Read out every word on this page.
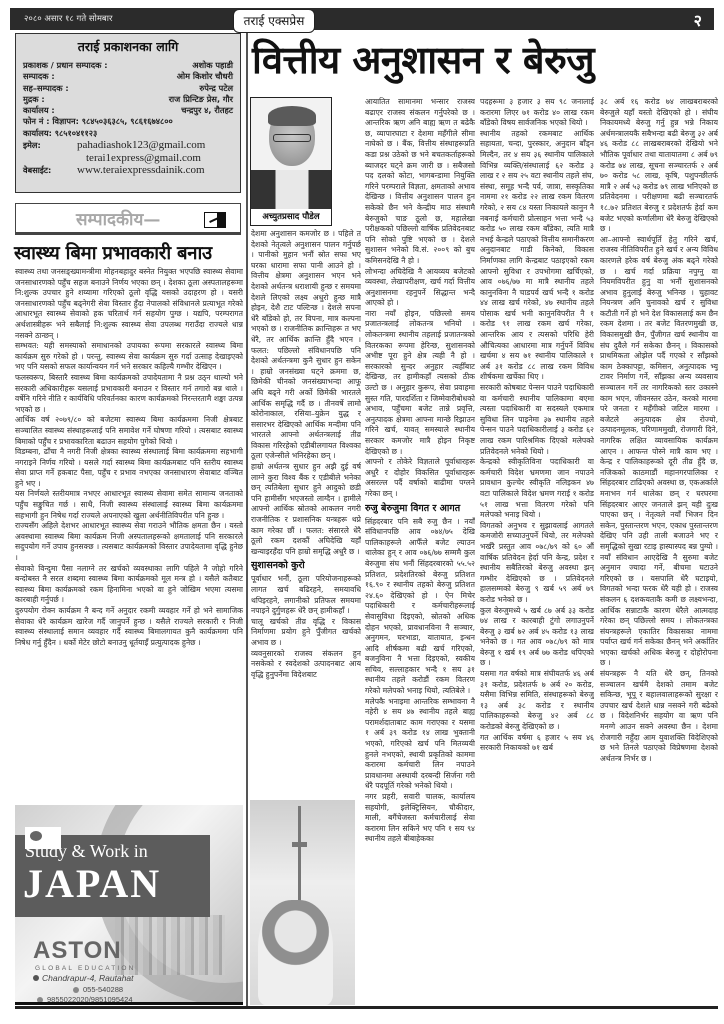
२०८० असार १८ गते सोमबार	तराई एक्सप्रेस	२
तराई प्रकाशनका लागि
प्रकाशक / प्रधान सम्पादक :	अशोक पहाडी
सम्पादक :	ओम किशोर चौधरी
सह–सम्पादक :	रुपेन्द्र पटेल
मुद्रक :	राज प्रिन्टिङ प्रेस, गौर
कार्यालय :	चन्द्रपुर ४, रौतहट
फोन नं : विज्ञापन: ९८४५०३६३८५, ९८६१६७४८००
कार्यालय: ९८५१०४११२३
इमेल:	pahadiashok123@gmail.com
terai1express@gmail.com
वेबसाईट:	www.teraiexpressdainik.com
सम्पादकीय—
स्वास्थ्य बिमा प्रभावकारी बनाउ

स्वास्थ्य तथा जनसङ्ख्यामन्त्रीमा मोहनबहादुर बस्नेत नियुक्त भएपछि स्वास्थ्य सेवामा जनसाधारणको पहुँच सहज बनाउने निर्णय भएका छन् । देशका ठूला अस्पतालहरूमा नि:शुल्क उपचार हुने शय्यामा गरिएको ठूलो वृद्धि यसको उदाहरण हो । यसरी जनसाधारणको पहुँच बढ्नेगरी सेवा विस्तार हुँदा नेपालको संविधानले प्रत्याभूत गरेको आधारभूत स्वास्थ्य सेवाको हक चरितार्थ गर्न सहयोग पुग्छ । यद्यपि, परम्परागत अर्थशास्त्रीहरू भने सबैलाई नि:शुल्क स्वास्थ्य सेवा उपलब्ध गराउँदा राज्यले धान्न नसक्ने ठान्छन् ।

सम्भवत: यही समस्याको समाधानको उपायका रूपमा सरकारले स्वास्थ्य बिमा कार्यक्रम सुरु गरेको हो । परन्तु, स्वास्थ्य सेवा कार्यक्रम सुरु गर्दा उत्साह देखाइएको भए पनि यसको सफल कार्यान्वयन गर्न भने सरकार कहिल्यै गम्भीर देखिएन ।

फलस्वरूप, बिस्तारै स्वास्थ्य बिमा कार्यक्रमको उपादेयतामा नै प्रश्न उठ्न थाल्यो भने सरकारी अधिकारीहरू यसलाई प्रभावकारी बनाउन र विस्तार गर्न तगारो बन्न थाले । वर्षेनि गरिने नीति र कार्यविधि परिवर्तनका कारण कार्यक्रमको निरन्तरतामै शङ्का उत्पन्न भएको छ ।

आर्थिक वर्ष २०७९/८० को बजेटमा स्वास्थ्य बिमा कार्यक्रममा निजी क्षेत्रबाट सञ्चालित स्वास्थ्य संस्थाहरूलाई पनि समावेश गर्ने घोषणा गरियो । त्यसबाट स्वास्थ्य बिमाको पहुँच र प्रभावकारिता बढाउन सहयोग पुगेको थियो ।

विडम्बना, ढाँचा नै नगरी निजी क्षेत्रका स्वास्थ्य संस्थालाई बिमा कार्यक्रममा सहभागी नगराइने निर्णय गरियो । यसले गर्दा स्वास्थ्य बिमा कार्यक्रमबाट पनि स्तरीय स्वास्थ्य सेवा प्राप्त गर्ने हकबाट पैसा, पहुँच र प्रभाव नभएका जनसाधारण सेवाबाट वञ्चित हुने भए ।

यस निर्णयले स्तरीयमात्र नभएर आधारभूत स्वास्थ्य सेवामा समेत सामान्य जनताको पहुँच सङ्कुचित गर्छ । साथै, निजी स्वास्थ्य संस्थालाई स्वास्थ्य बिमा कार्यक्रममा सहभागी हुन निषेध गर्दा राज्यले अपनाएको खुला अर्थनीतिविपरीत पनि हुन्छ ।

राज्यसँग अहिले देशभर आधारभूत स्वास्थ्य सेवा गराउने भौतिक क्षमता छैन । यस्तो अवस्थामा स्वास्थ्य बिमा कार्यक्रम निजी अस्पतालहरूको क्षमतालाई पनि सरकारले सदुपयोग गर्ने उपाय हुनसक्छ । त्यसबाट कार्यक्रमको विस्तार उपादेयतामा वृद्धि हुनेछ ।

सेवाको विन्दुमा पैसा नलाग्ने तर खर्चको व्यवस्थाका लागि पहिले नै जोहो गरिने बन्दोबस्त नै सरल शब्दमा स्वास्थ्य बिमा कार्यक्रमको मूल मन्त्र हो । यसैले कतैबाट स्वास्थ्य बिमा कार्यक्रमको रकम हिनामिना भएको वा हुने जोखिम भएमा त्यसमा कारबाही गर्नुपर्छ ।

दुरुपयोग रोक्न कार्यक्रम नै बन्द गर्ने अनुदार रकमी व्यवहार गर्ने हो भने सामाजिक सेवाका धेरै कार्यक्रम खारेज गर्दै जानुपर्ने हुन्छ । यसैले राज्यले सरकारी र निजी स्वास्थ्य संस्थालाई समान व्यवहार गर्दै स्वास्थ्य बिमालगायत कुनै कार्यक्रममा पनि निषेध गर्नु हुँदैन । धर्को मेटेर छोटो बनाउनु धूर्तयाइँ प्रत्युत्पादक हुनेछ ।

Study & Work in
JAPAN
ASTON
GLOBAL EDUCATION
Chandrapur-4, Rautahat
055-540288
9855022020/9851095424
वित्तीय अनुशासन र बेरुजु
अच्युतप्रसाद पौडेल

देशमा अनुशासन कमजोर छ । पहिले त देशको नेतृत्वले अनुशासन पालन गर्नुपर्छ । पानीको मुहान भनौं स्रोत सफा भए घरका धारामा सफा पानी आउने हो । वित्तीय क्षेत्रमा अनुशासन भएन भने देशको अर्थतन्त्र धराशायी हुन्छ र समयमा देशले लिएको लक्ष्य अधुरो हुन्छ मात्रै होइन, देशै टाट पल्टिन्छ । देशले सपना धेरै बाँडेको हो, तर विपना, मात्र कल्पना भएको छ । राजनीतिक क्रान्तिहरू त भए धेरै, तर आर्थिक क्रान्ति हुँदै भएन । फलत: पछिल्लो संविधानपछि पनि देशको अर्थतन्त्रमा कुनै सुधार हुन सकेन । हाम्रो जनसंख्या घट्ने क्रममा छ, छिमेकी चीनको जनसंख्याभन्दा आफू अघि बढ्ने गरी अर्को छिमेकी भारतले आर्थिक समृद्धि गर्दै छ । तीनवर्षे लामो कोरोनाकाल, रसिया–युक्रेन युद्ध र ससारभर देखिएको आर्थिक मन्दीमा पनि भारतले आफ्नो अर्थतन्त्रलाई तीव्र विकास गरिरहेको एडीबीलगायत विश्वका ठूला एजेन्सीले भनिरहेका छन् ।

हाम्रो अर्थतन्त्र सुधार हुन अझै दुई वर्ष लाग्ने कुरा विश्व बैंक र एडीबीले भनेका छन् त्यतिबेला सुधार हुने आदुको छडी पनि हामीसँग भएजस्तो लाग्दैन । हामीले आफ्नो आर्थिक स्रोतको आकलन नगरी राजनीतिक र प्रशासनिक यन्त्रहरू थप्ने काम गरेका छौं । फलत: संसारले धेरै ठूलो रकम दशकौं अघिदेखि यहाँ खन्याइरहँदा पनि हाम्रो समृद्धि अधुरै छ ।

सुशासनको कुरो

पूर्वाधार भनौं, ठूला परियोजनाहरूको लागत खर्च बढिरहने, समयावधि थपिइरहने, लगानीको प्रतिफल समयमा नपाइने दुर्गुणहरू धेरै छन् हामीकहाँ ।

चालू खर्चको तीव्र वृद्धि र विकास निर्माणमा प्रयोग हुने पुँजीगत खर्चको अभाव छ ।

व्यवनुसारको राजस्व संकलन हुन नसकेको र स्वदेशको उत्पादनबाट आय वृद्धि हुनुपर्नेमा विदेशबाट

आयातित सामानमा भन्सार राजस्व बढाएर राजस्व संकलन गर्नुपरेको छ । आन्तरिक ऋण अनि बाह्य ऋण त बढेकै छ, व्यापारघाटा र देशमा महँगीले सीमा नाघेको छ । बैंक, वित्तीय संस्थाहरूप्रति कडा प्रश्न उठेको छ भने बचतकर्ताहरूको ब्याजदर घट्ने क्रम जारी छ । सबैजसो पद दलको कोटा, भागबन्डामा नियुक्ति गरिने परम्पराले विज्ञता, क्षमताको अभाव देखिन्छ । वित्तीय अनुशासन पालन हुन सकेको छैन भने केन्द्रीय माउ संस्थामै बेरुजुको चाङ ठूलो छ, महालेखा परीक्षकको पछिल्लो वार्षिक प्रतिवेदनबाट पनि सोको पुष्टि भएको छ । देशले सुशासन भनेको वि.सं. २००९ को बुच कमिसनदेखि नै हो ।

लोभन्दा अघिदेखि नै आयव्यय बजेटको व्यवस्था, लेखापरीक्षण, खर्च गर्दा वित्तीय अनुशासनमा रहनुपर्ने सिद्धान्त भन्दै आएको हो ।

नारा नयाँ होइन, पछिल्लो समय प्रजातन्त्रलाई लोकतन्त्र भनियो । लोकतन्त्रमा स्थानीय तहलाई प्रजातन्त्रको वितरकका रूपमा हेरिन्छ, सुशासनको अभीष्ट पूरा हुने क्षेत्र त्यही नै हो । सरकारको सुन्दर अनुहार त्यहीँबाट देखिन्छ, तर हामीकहाँ त्यसको ठीक उल्टो छ । अनुहार कुरूप, सेवा प्रवाहमा सुस्त गति, पारदर्शिता र जिम्मेवारीबोधको अभाव, पहुँचमा बजेट तान्ने प्रवृत्ति, अनुत्पादक क्षेत्रमा आफ्ना मान्छे रिझाउन गरिने खर्च, यावत् समस्याले स्थानीय सरकार कमजोर मात्रै होइन निकृष्ट देखिएको छ ।

आफ्नो र तोकेरे विज्ञताले पूर्वाधारहरू अधुरै र दोहोर विकसित पूर्वाधारहरू असरल्ल पर्दै वर्षाको बाढीमा पग्लने गरेका छन् ।

रुजु बेरुजुमा विगत र आगत

सिंहदरबार पनि सबै रुजु छैन । नयाँ संविधानपछि आव ०७४/७५ देखि पालिकाहरूले आफैँले बजेट ल्याउन थालेका हुन् र आव ०७६/७७ सम्ममै कुल बेरुजुमा संघ भनौं सिंहदरबारको ५५.५२ प्रतिशत, प्रदेशतिरको बेरुजु प्रतिशत १६.९० र स्थानीय तहको बेरुजु प्रतिशत २४.६० देखिएको हो । ऐन मिचेर पदाधिकारी र कर्मचारीहरूलाई सेवासुविधा दिइएको, स्रोतको अधिक दोहन भएको, प्रावधानविना नै सञ्चार, अनुगमन, घरभाडा, यातायात, इन्धन आदि शीर्षकमा बढी खर्च गरिएको, बजनुविना नै भत्ता दिइएको, स्वकीय सचिव, सल्लाहकार भन्दै १ सय ३१ स्थानीय तहले करोडौं रकम वितरण गरेको मलेपको भनाइ थियो, त्यतिबेले ।

मलेपकै भनाइमा आन्तरिक सम्भावना नै नहेरी ४ सय ४७ स्थानीय तहले बाह्य परामर्शदाताबाट काम गराएका र यसमा १ अर्ब ३९ करोड १४ लाख भुक्तानी भएको, गरिएको खर्च पनि मितव्ययी हुनले नभएको, स्थायी प्रकृतिको काममा करारमा कर्मचारी लिन नपाउने प्रावधानमा अस्थायी दरबन्दी सिर्जना गरी धेरै पदपूर्ति गरेको भनेको थियो ।

नगर प्रहरी, सवारी चालक, कार्यालय सहयोगी, इलेक्ट्रिसियन, चौकीदार, माली, बगैंचेजस्ता कर्मचारीलाई सेवा करारमा लिन सकिने भए पनि १ सय ९४ स्थानीय तहले बीबाहेकका

पदहरूमा ३ हजार ३ सय ९८ जनालाई करारमा लिएर ७१ करोड ४० लाख रकम बाँडेको विषय सार्वजनिक भएको थियो ।

स्थानीय तहको रकमबाट आर्थिक सहायता, चन्दा, पुरस्कार, अनुदान बाँड्न मिल्दैन, तर ४ सय ३६ स्थानीय पालिकाले विभिन्न व्यक्ति/संस्थालाई ६२ करोड ३ लाख र २ सय २५ वटा स्थानीय तहले संघ, संस्था, समूह भन्दै पर्व, जात्रा, सस्कृतिका नाममा २१ करोड २२ लाख रकम वितरण गरेको, २ सय ८४ यस्ता निकायले कानुन नै नबनाई कर्मचारी प्रोत्साहन भत्ता भन्दै ५३ करोड ५० लाख रकम बाँडेका, त्यति मात्रै नभई केन्द्रले पठाएको वित्तीय समानीकरण अनुदानबाट गाडी किनेको, विकास निर्माणका लागि केन्द्रबाट पठाइएको रकम आफ्नो सुविधा र उपभोगमा खर्चिएको, आव ०७६/७७ मा मात्रै स्थानीय तहले कानुनविना नै चाडपर्व खर्च भन्दै १ करोड ४४ लाख खर्च गरेको, ४७ स्थानीय तहले पोसाक खर्च भनी कानुनविपरीत नै १ करोड ९१ लाख रकम खर्च गरेका, आन्तरिक आय र त्यसको परिधि हेरी औचित्यका आधारमा मात्र गर्नुपर्ने विविध खर्चमा ४ सय ७१ स्थानीय पालिकाले १ अर्ब ३१ करोड ८८ लाख रकम विविध शीर्षकमा खर्चेका थिए ।

सरकारी कोषबाट पेन्सन पाउने पदाधिकारी वा कर्मचारी स्थानीय पालिकामा बएमा त्यस्ता पदाधिकारी वा सदस्यले एकमात्र सुविधा लिन पाइनेमा ३७ स्थानीय तहले पेन्सन पाउने पदाधिकारीलाई ३ करोड ६२ लाख रकम पारिश्रमिक दिएको मलेपको प्रतिवेदनले भनेको थियो ।

केन्द्रको स्वीकृतिविना पदाधिकारी वा कर्मचारी विदेश भ्रमणमा जान नपाउने प्रावधान कुल्चेर स्वीकृति नलिइकन ४७ वटा पालिकाले विदेश भ्रमण गराई १ करोड ५१ लाख भत्ता वितरण गरेको पनि मलेपको भनाइ थियो ।

विगतको अनुभव र सुझावलाई आगतले कमजोरी सच्याउनुपर्ने थियो, तर मलेपको भर्खरै प्रस्तुत आव ०७८/७९ को ६० औं वार्षिक प्रतिवेदन हेर्दा पनि केन्द्र, प्रदेश र स्थानीय सबैतिरको बेरुजु अवस्था झन् गम्भीर देखिएको छ । प्रतिवेदनले हालसम्मको बेरुजु ९ खर्ब ५९ अर्ब ७९ करोड भनेको छ ।

कुल बेरुजुमध्ये ५ खर्ब ८७ अर्ब ३३ करोड ७४ लाख र कारबाही टुंगो लगाउनुपर्ने बेरुजु ३ खर्ब ७२ अर्ब ४५ करोड १३ लाख भनेको छ । गत आव ०७८/७९ को मात्र बेरुजु १ खर्ब १९ अर्ब ७७ करोड थपिएको छ ।

यसमा गत वर्षको मात्र संघीयतर्फ ४६ अर्ब ३१ करोड, प्रदेशतर्फ ७ अर्ब २० करोड, यसैमा विभिन्न समिति, संस्थाहरूको बेरुजु १३ अर्ब ३८ करोड र स्थानीय पालिकाहरूको बेरुजु ४२ अर्ब ८८ करोडको बेरुजु देखिएको छ ।

गत आर्थिक वर्षमा ६ हजार ५ सय ४६ सरकारी निकायको ७१ खर्ब

३८ अर्ब १६ करोड ७४ लाखबराबरको बेरुजुले यहाँ यस्तो देखिएको हो । संघीय निकायमध्ये बेरुजु गर्नु हुन्न भन्ने निकाय अर्थमन्त्रालयकै सबैभन्दा बढी बेरुजु ३२ अर्ब ४६ करोड ८८ लाखबराबरको देखियो भने भौतिक पूर्वाधार तथा यातायातमा ८ अर्ब ७९ करोड ७४ लाख, सूचना सञ्चारतर्फ २ अर्ब ७० करोड ५८ लाख, कृषि, पशुपन्छीतर्फ मात्रै २ अर्ब ५३ करोड ७९ लाख भनिएको छ प्रतिवेदनमा । परीक्षणमा बढी सञ्चारतर्फ १८.७२ प्रतिशत बेरुजु र प्रदेशतर्फ हेर्दा कम बजेट भएको कर्णालीमा धेरै बेरुजु देखिएको छ ।

आ–आफ्नो स्वार्थपूर्ति हेतु गरिने खर्च, राजस्व नीतिविपरीत हुने खर्च र अन्य विविध कारणले हरेक वर्ष बेरुजु अंक बढ्ने गरेको छ । खर्च गर्दा प्रक्रिया नपुग्नु वा नियमविपरीत हुनु वा भनौं सुशासनको अभाव हुनुलाई बेरुजु भनिन्छ । चुहावट नियन्त्रण अनि चुनावको खर्च र सुविधा कटौती गर्ने हो भने देश विकासलाई कम छैन रकम देशमा । तर बजेट वितरणमुखी छ, विकासमुखी छैन, पुँजीगत खर्च स्थानीय वा संघ दुवैले गर्न सकेका छैनन् । विकासको प्राथमिकता ओझेल पर्दै गएको र साँझको काम ठेक्कापट्टा, कमिसन, अनुत्पादक भ्यू टावर निर्माण गर्ने, साँझका अन्य व्यवसाय सञ्चालन गर्ने तर नागरिकको स्तर उकास्ने काम भएन, जीवनस्तर उठेन, करको मारमा परे जनता र महँगीको जटिल मारमा । बजेटले अनुत्पादक क्षेत्र रोज्यो, उत्पादनमूलक, परिणाममुखी, रोजगारी दिने, नागरिक लक्षित व्यावसायिक कार्यक्रम आएन । आफन्त पोस्ने मात्रै काम भए । केन्द्र र पालिकाहरूको दूरी तीव्र हुँदै छ, नजिकको काठमाडौं महानगरपालिका र सिंहदरबार टाढिएको अवस्था छ, एकअर्काले मनाभन गर्न थालेका छन् र घरघरमा सिंहदरबार आएर जनताले झन् यही दुःख पाएका छन् । नेतृत्वले नयाँ भिजन दिन सकेन, पुस्तान्तरण भएन, एकाध पुस्तान्तरण देखिए पनि उही ताली बजाउने भए र समृद्धिको सुखा रटाइ हास्यास्पद बन्न पुग्यो । नयाँ संविधान आएदेखि नै सुरुमा बजेट अनुमान ज्यादा गर्ने, बीचमा घटाउने गरिएको छ । यसपालि धेरै घटाइयो, विगतको भन्दा फरक धेरै यही हो । राजस्व संकलन ६ दशकयताकै कमी छ लक्ष्यभन्दा, आर्थिक सन्नाटाकै कारण धेरैले आत्मदाह गरेका छन् पछिल्लो समय । लोकतन्त्रका संयन्त्रहरूले एकातिर विकासका नाममा पर्याप्त खर्च गर्न सकेका छैनन् भने अर्कातिर भएका खर्चको अधिक बेरुजु र दोहोरोपना छ ।

संयन्त्रहरू नै यति धेरै छन्, तिनको सञ्चालन खर्चमै देशको तमाम बजेट सकिन्छ, भूपू र बहालवालाहरूको सुरक्षा र उपचार खर्च देशले धान्न नसक्ने गरी बढेको छ । विदेशनिर्भर सहयोग वा ऋण पनि मनग्गे आउन सक्ने अवस्था छैन । देशमा रोजगारी नहुँदा आम युवाशक्ति विदेशिएको छ भने तिनले पठाएको विप्रेषणमा देशको अर्थतन्त्र निर्भर छ ।
